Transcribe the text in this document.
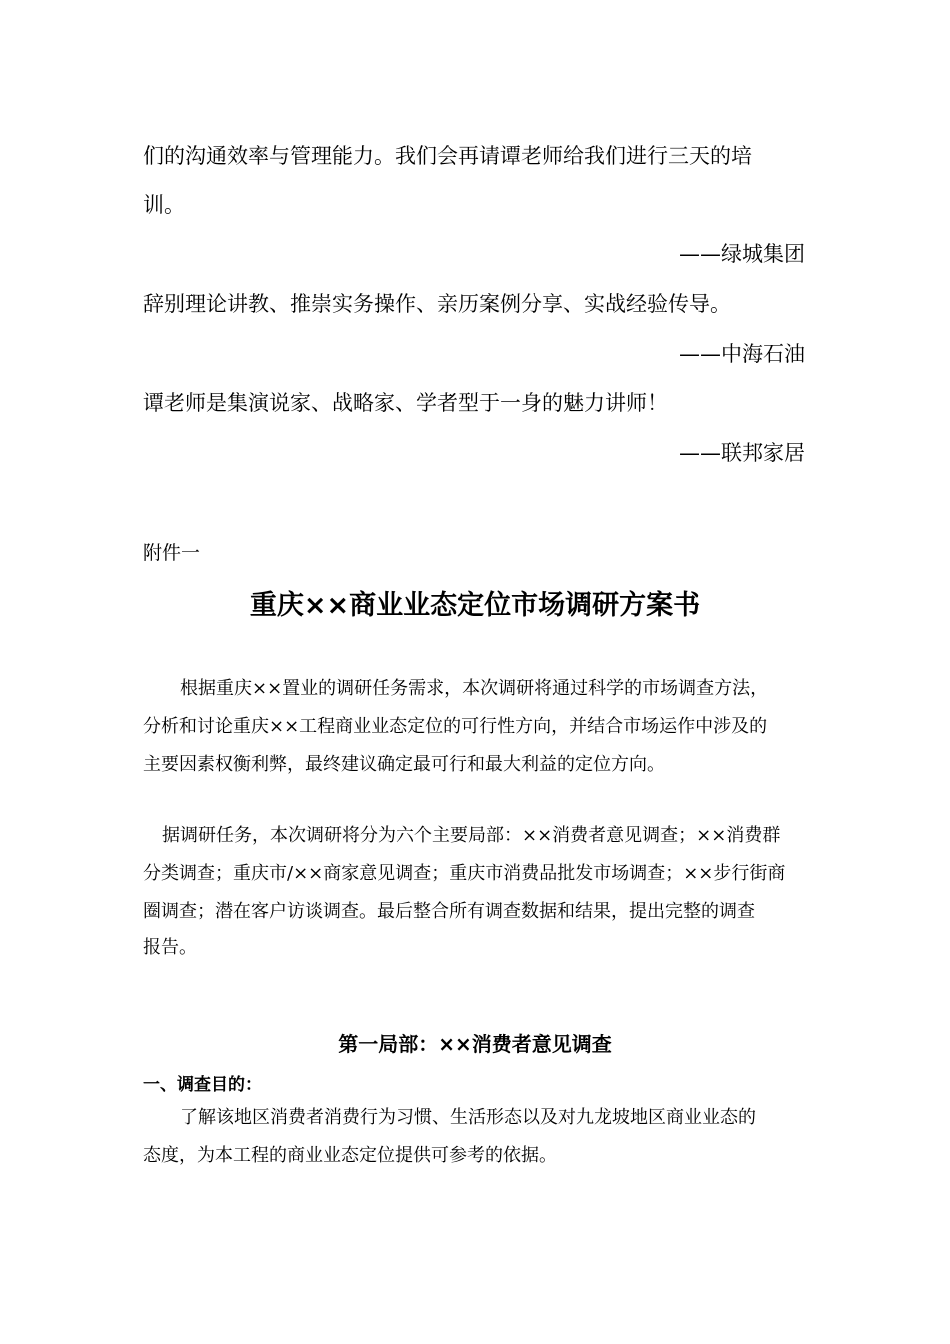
们的沟通效率与管理能力。我们会再请谭老师给我们进行三天的培
训。
——绿城集团
辞别理论讲教、推崇实务操作、亲历案例分享、实战经验传导。
——中海石油
谭老师是集演说家、战略家、学者型于一身的魅力讲师！
——联邦家居
附件一
重庆××商业业态定位市场调研方案书
根据重庆××置业的调研任务需求，本次调研将通过科学的市场调查方法，
分析和讨论重庆××工程商业业态定位的可行性方向，并结合市场运作中涉及的
主要因素权衡利弊，最终建议确定最可行和最大利益的定位方向。
据调研任务，本次调研将分为六个主要局部：××消费者意见调查；××消费群
分类调查；重庆市/××商家意见调查；重庆市消费品批发市场调查；××步行街商
圈调查；潜在客户访谈调查。最后整合所有调查数据和结果，提出完整的调查
报告。
第一局部：××消费者意见调查
一、调查目的：
了解该地区消费者消费行为习惯、生活形态以及对九龙坡地区商业业态的
态度，为本工程的商业业态定位提供可参考的依据。
